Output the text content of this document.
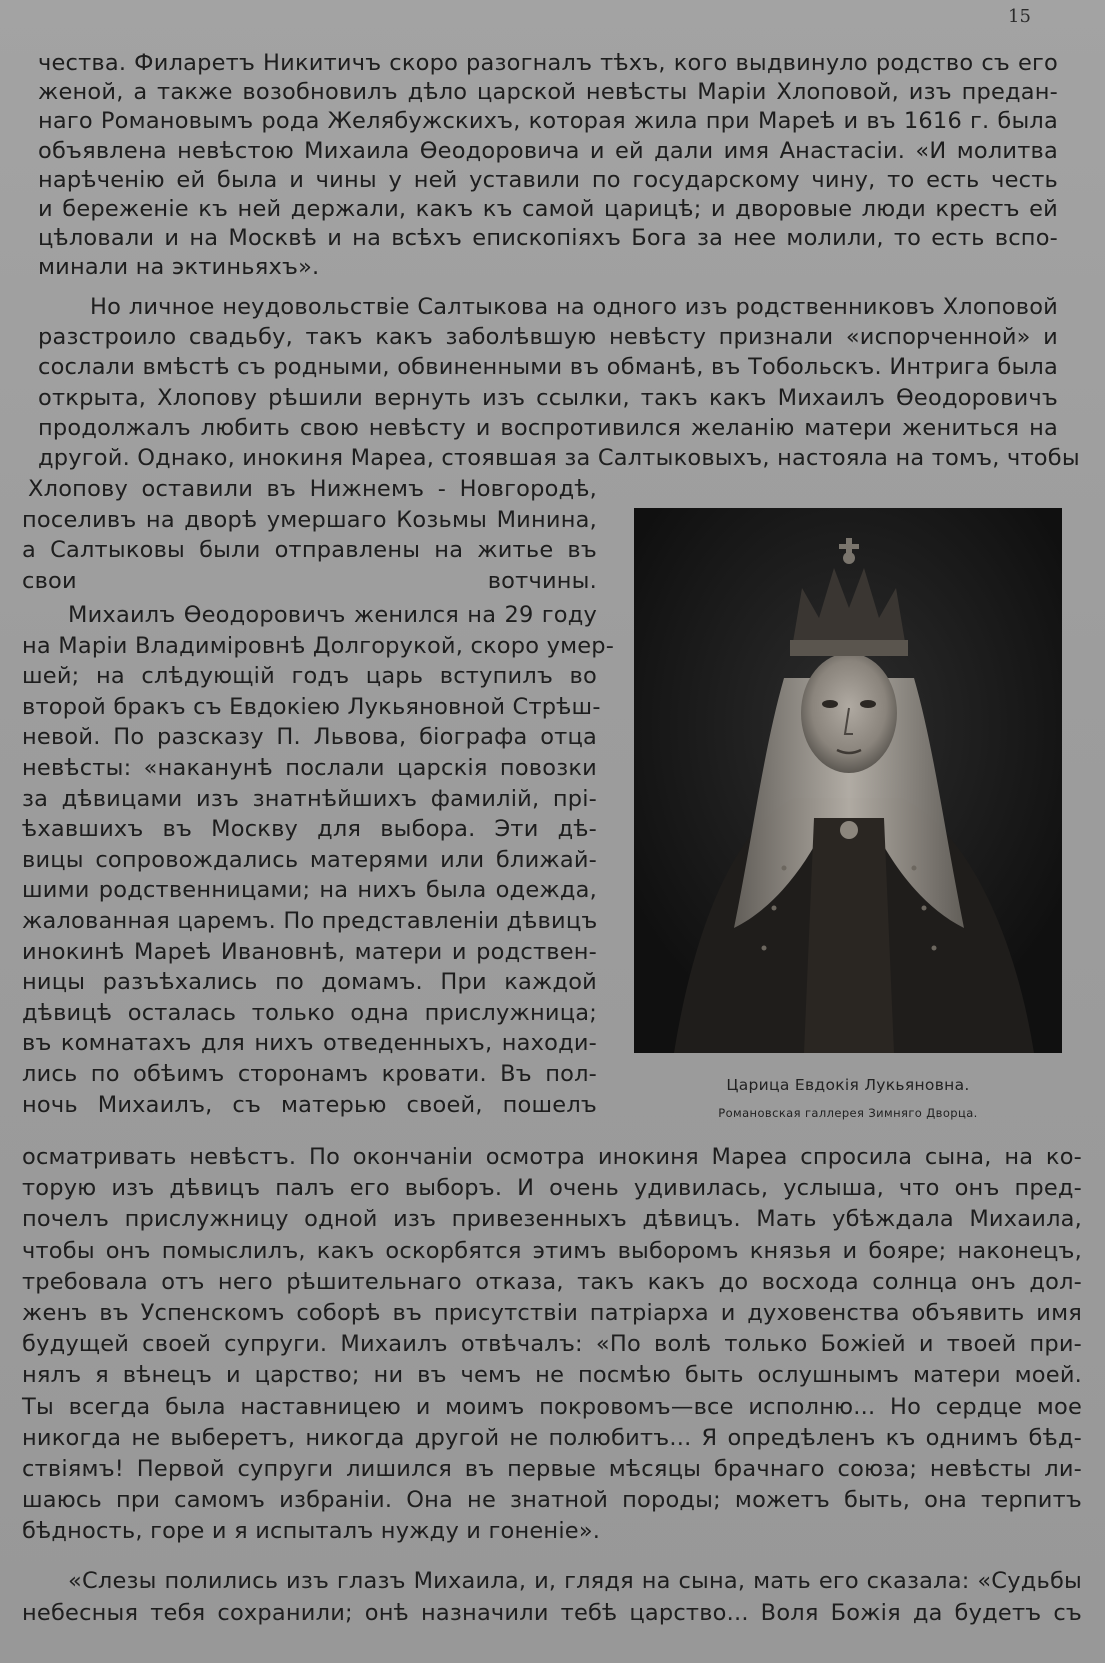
15
чества. Филаретъ Никитичъ скоро разогналъ тѣхъ, кого выдвинуло родство съ его
женой, а также возобновилъ дѣло царской невѣсты Маріи Хлоповой, изъ предан-
наго Романовымъ рода Желябужскихъ, которая жила при Мареѣ и въ 1616 г. была
объявлена невѣстою Михаила Ѳеодоровича и ей дали имя Анастасіи. «И молитва
нарѣченію ей была и чины у ней уставили по государскому чину, то есть честь
и береженіе къ ней держали, какъ къ самой царицѣ; и дворовые люди крестъ ей
цѣловали и на Москвѣ и на всѣхъ епископіяхъ Бога за нее молили, то есть вспо-
минали на эктиньяхъ».
Но личное неудовольствіе Салтыкова на одного изъ родственниковъ Хлоповой
разстроило свадьбу, такъ какъ заболѣвшую невѣсту признали «испорченной» и
сослали вмѣстѣ съ родными, обвиненными въ обманѣ, въ Тобольскъ. Интрига была
открыта, Хлопову рѣшили вернуть изъ ссылки, такъ какъ Михаилъ Ѳеодоровичъ
продолжалъ любить свою невѣсту и воспротивился желанію матери жениться на
другой. Однако, инокиня Мареа, стоявшая за Салтыковыхъ, настояла на томъ, чтобы
Хлопову оставили въ Нижнемъ - Новгородѣ,
поселивъ на дворѣ умершаго Козьмы Минина,
а Салтыковы были отправлены на житье въ
свои вотчины.
Михаилъ Ѳеодоровичъ женился на 29 году
на Маріи Владиміровнѣ Долгорукой, скоро умер-
шей; на слѣдующій годъ царь вступилъ во
второй бракъ съ Евдокіею Лукьяновной Стрѣш-
невой. По разсказу П. Львова, біографа отца
невѣсты: «наканунѣ послали царскія повозки
за дѣвицами изъ знатнѣйшихъ фамилій, прі-
ѣхавшихъ въ Москву для выбора. Эти дѣ-
вицы сопровождались матерями или ближай-
шими родственницами; на нихъ была одежда,
жалованная царемъ. По представленіи дѣвицъ
инокинѣ Мареѣ Ивановнѣ, матери и родствен-
ницы разъѣхались по домамъ. При каждой
дѣвицѣ осталась только одна прислужница;
въ комнатахъ для нихъ отведенныхъ, находи-
лись по обѣимъ сторонамъ кровати. Въ пол-
ночь Михаилъ, съ матерью своей, пошелъ
осматривать невѣстъ. По окончаніи осмотра инокиня Мареа спросила сына, на ко-
торую изъ дѣвицъ палъ его выборъ. И очень удивилась, услыша, что онъ пред-
почелъ прислужницу одной изъ привезенныхъ дѣвицъ. Мать убѣждала Михаила,
чтобы онъ помыслилъ, какъ оскорбятся этимъ выборомъ князья и бояре; наконецъ,
требовала отъ него рѣшительнаго отказа, такъ какъ до восхода солнца онъ дол-
женъ въ Успенскомъ соборѣ въ присутствіи патріарха и духовенства объявить имя
будущей своей супруги. Михаилъ отвѣчалъ: «По волѣ только Божіей и твоей при-
нялъ я вѣнецъ и царство; ни въ чемъ не посмѣю быть ослушнымъ матери моей.
Ты всегда была наставницею и моимъ покровомъ—все исполню... Но сердце мое
никогда не выберетъ, никогда другой не полюбитъ... Я опредѣленъ къ однимъ бѣд-
ствіямъ! Первой супруги лишился въ первые мѣсяцы брачнаго союза; невѣсты ли-
шаюсь при самомъ избраніи. Она не знатной породы; можетъ быть, она терпитъ
бѣдность, горе и я испыталъ нужду и гоненіе».
«Слезы полились изъ глазъ Михаила, и, глядя на сына, мать его сказала: «Судьбы
небесныя тебя сохранили; онѣ назначили тебѣ царство... Воля Божія да будетъ съ
Царица Евдокія Лукьяновна.
Романовская галлерея Зимняго Дворца.
